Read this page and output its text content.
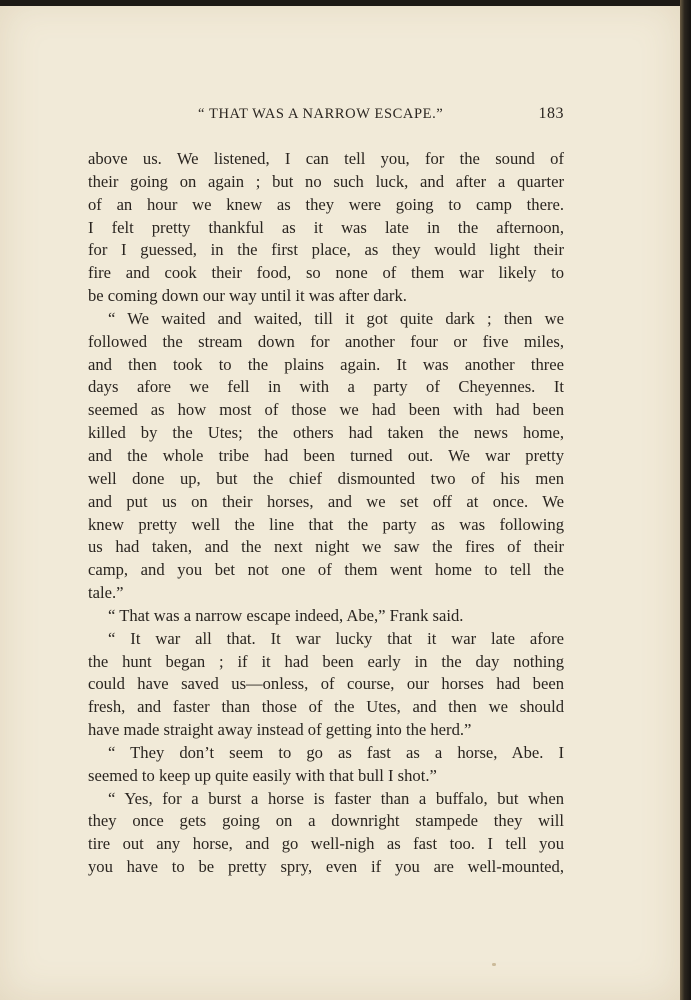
“ THAT WAS A NARROW ESCAPE.”	183
above us. We listened, I can tell you, for the sound of
their going on again ; but no such luck, and after a quarter
of an hour we knew as they were going to camp there.
I felt pretty thankful as it was late in the afternoon,
for I guessed, in the first place, as they would light their
fire and cook their food, so none of them war likely to
be coming down our way until it was after dark.
“ We waited and waited, till it got quite dark ; then we
followed the stream down for another four or five miles,
and then took to the plains again. It was another three
days afore we fell in with a party of Cheyennes. It
seemed as how most of those we had been with had been
killed by the Utes; the others had taken the news home,
and the whole tribe had been turned out. We war pretty
well done up, but the chief dismounted two of his men
and put us on their horses, and we set off at once. We
knew pretty well the line that the party as was following
us had taken, and the next night we saw the fires of their
camp, and you bet not one of them went home to tell the
tale.”
“ That was a narrow escape indeed, Abe,” Frank said.
“ It war all that. It war lucky that it war late afore
the hunt began ; if it had been early in the day nothing
could have saved us—onless, of course, our horses had been
fresh, and faster than those of the Utes, and then we should
have made straight away instead of getting into the herd.”
“ They don’t seem to go as fast as a horse, Abe. I
seemed to keep up quite easily with that bull I shot.”
“ Yes, for a burst a horse is faster than a buffalo, but when
they once gets going on a downright stampede they will
tire out any horse, and go well-nigh as fast too. I tell you
you have to be pretty spry, even if you are well-mounted,
